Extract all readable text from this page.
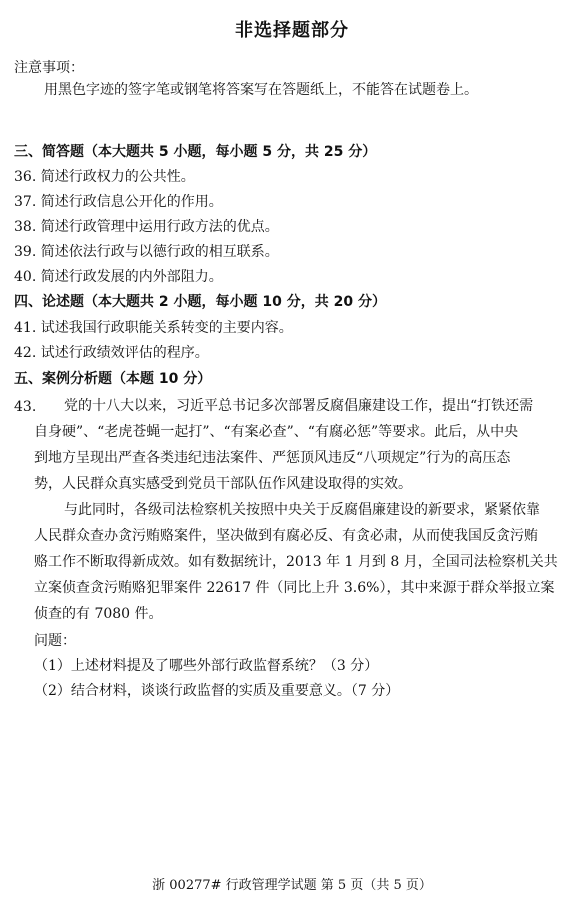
非选择题部分
注意事项：
用黑色字迹的签字笔或钢笔将答案写在答题纸上，不能答在试题卷上。
三、简答题（本大题共 5 小题，每小题 5 分，共 25 分）
36. 简述行政权力的公共性。
37. 简述行政信息公开化的作用。
38. 简述行政管理中运用行政方法的优点。
39. 简述依法行政与以德行政的相互联系。
40. 简述行政发展的内外部阻力。
四、论述题（本大题共 2 小题，每小题 10 分，共 20 分）
41. 试述我国行政职能关系转变的主要内容。
42. 试述行政绩效评估的程序。
五、案例分析题（本题 10 分）
43. 党的十八大以来，习近平总书记多次部署反腐倡廉建设工作，提出“打铁还需
自身硬”、“老虎苍蝇一起打”、“有案必查”、“有腐必惩”等要求。此后，从中央
到地方呈现出严查各类违纪违法案件、严惩顶风违反“八项规定”行为的高压态
势，人民群众真实感受到党员干部队伍作风建设取得的实效。
与此同时，各级司法检察机关按照中央关于反腐倡廉建设的新要求，紧紧依靠
人民群众查办贪污贿赂案件，坚决做到有腐必反、有贪必肃，从而使我国反贪污贿
赂工作不断取得新成效。如有数据统计，2013 年 1 月到 8 月，全国司法检察机关共
立案侦查贪污贿赂犯罪案件 22617 件（同比上升 3.6%），其中来源于群众举报立案
侦查的有 7080 件。
问题：
（1）上述材料提及了哪些外部行政监督系统？（3 分）
（2）结合材料，谈谈行政监督的实质及重要意义。（7 分）
浙 00277# 行政管理学试题 第 5 页（共 5 页）
